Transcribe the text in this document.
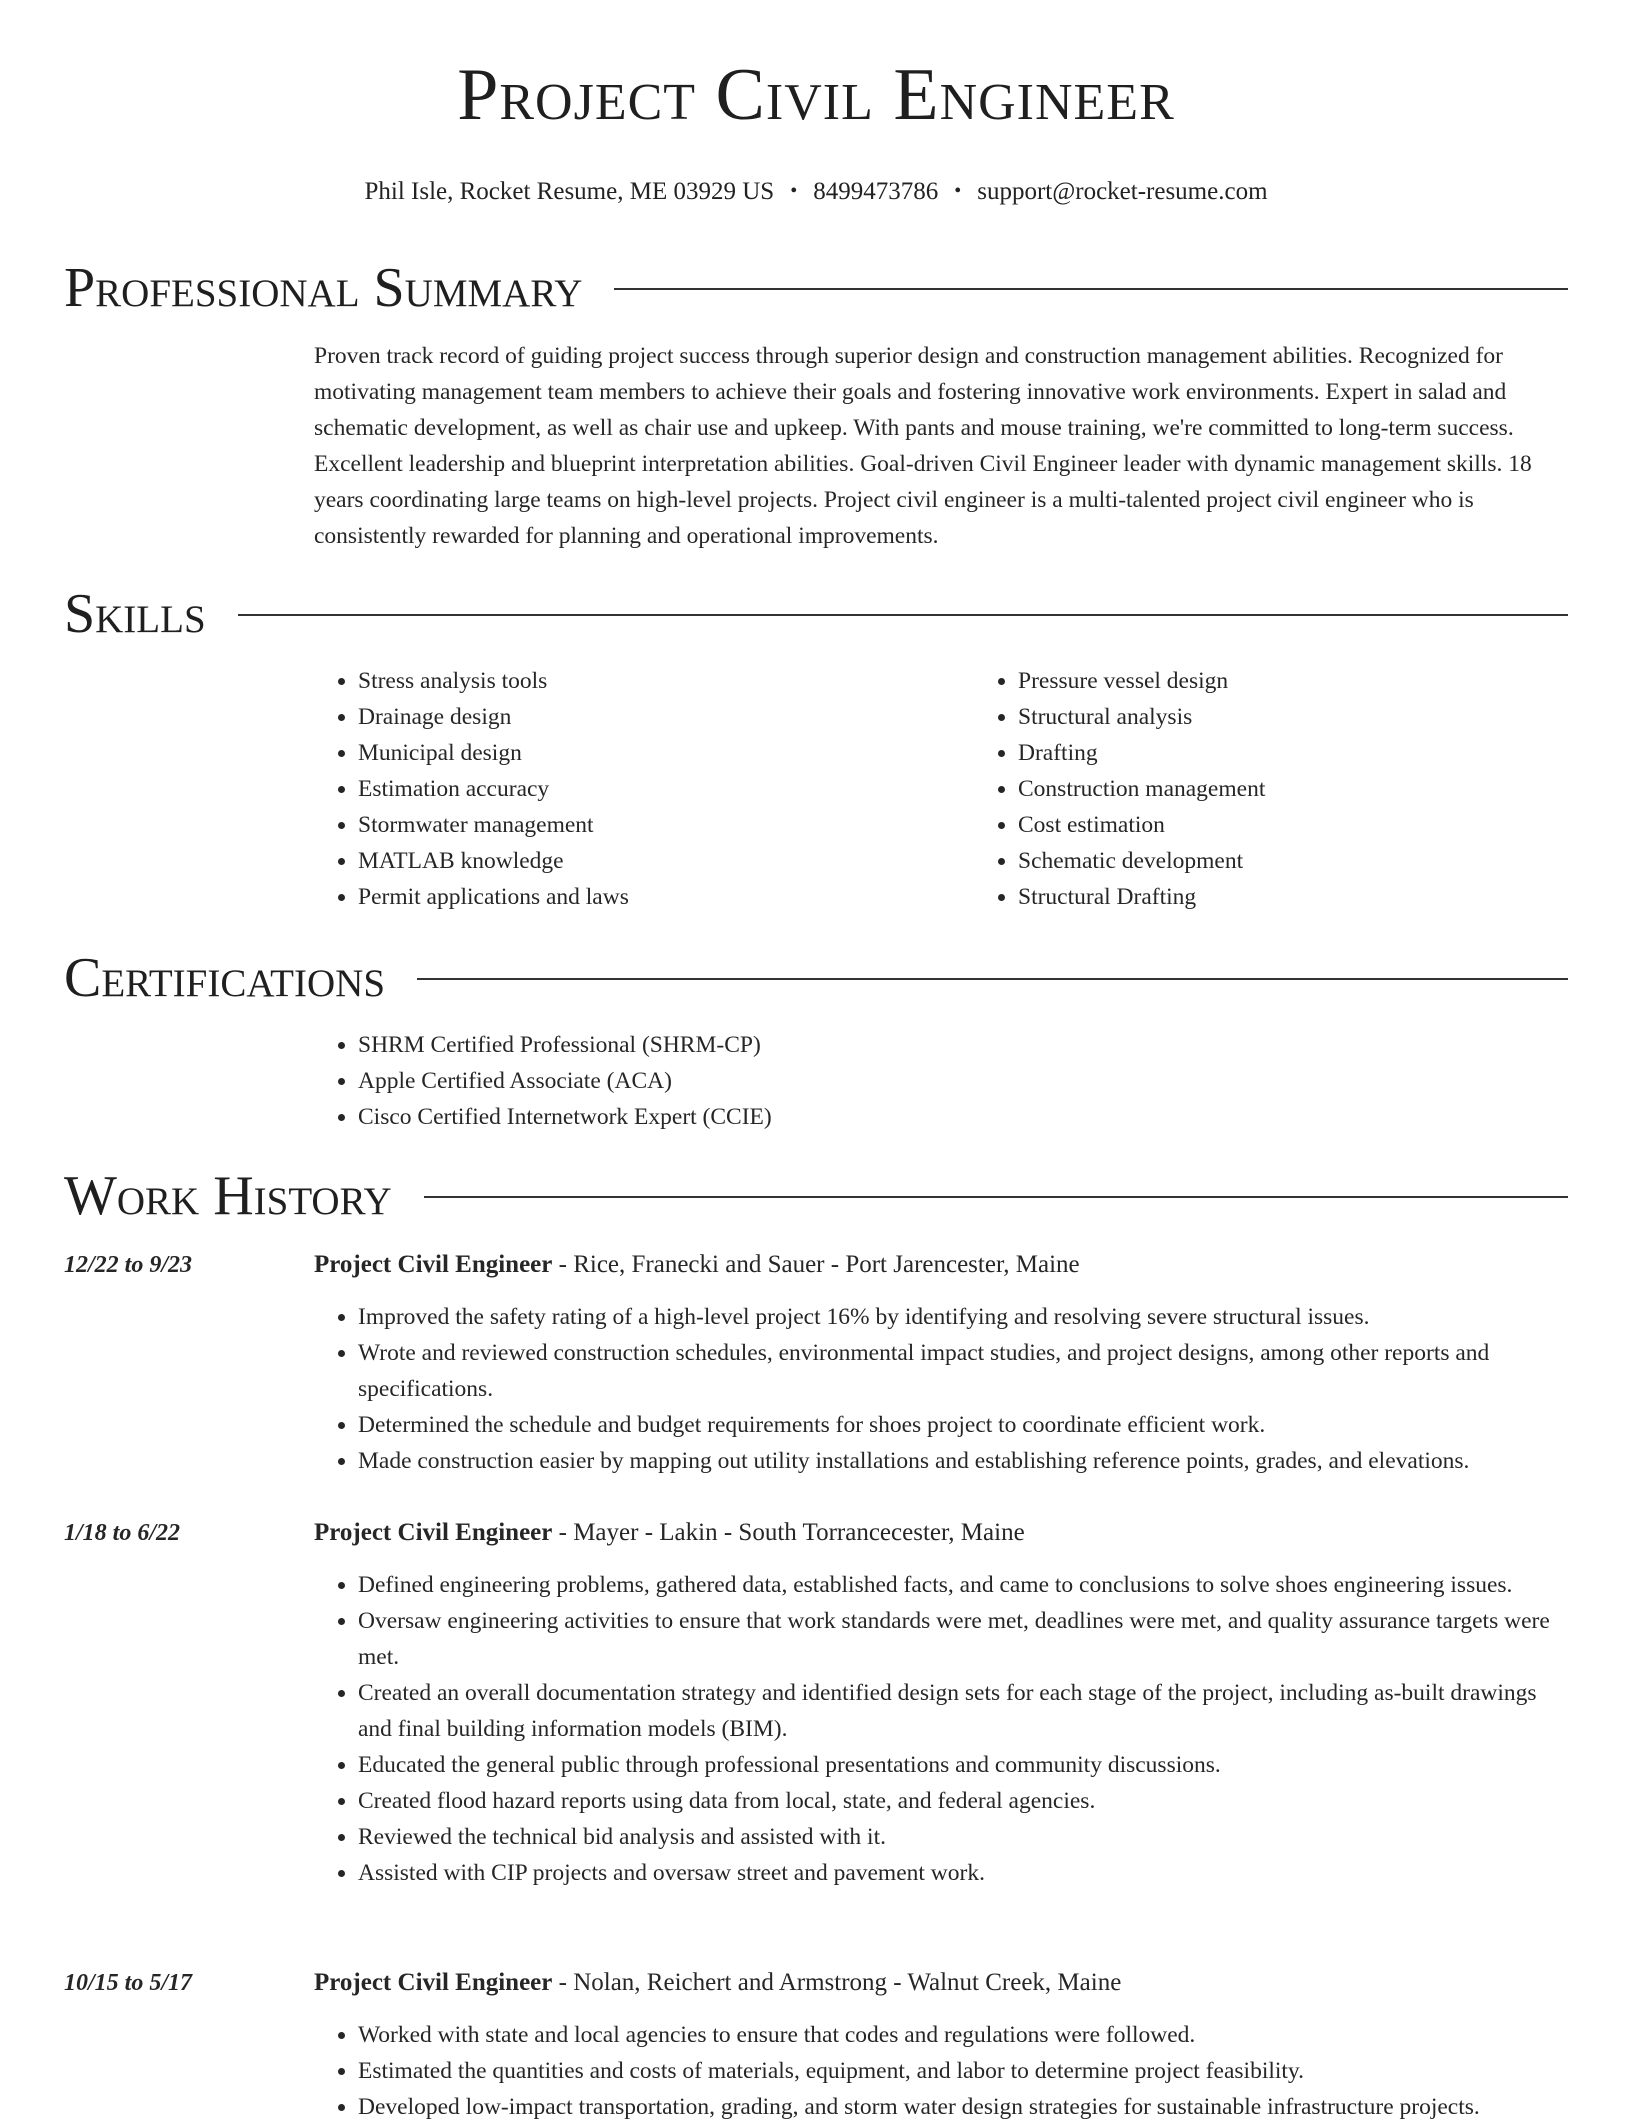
Project Civil Engineer
Phil Isle, Rocket Resume, ME 03929 US • 8499473786 • support@rocket-resume.com
Professional Summary

Proven track record of guiding project success through superior design and construction management abilities. Recognized for motivating management team members to achieve their goals and fostering innovative work environments. Expert in salad and schematic development, as well as chair use and upkeep. With pants and mouse training, we're committed to long-term success. Excellent leadership and blueprint interpretation abilities. Goal-driven Civil Engineer leader with dynamic management skills. 18 years coordinating large teams on high-level projects. Project civil engineer is a multi-talented project civil engineer who is consistently rewarded for planning and operational improvements.

Skills
• Stress analysis tools
• Drainage design
• Municipal design
• Estimation accuracy
• Stormwater management
• MATLAB knowledge
• Permit applications and laws
• Pressure vessel design
• Structural analysis
• Drafting
• Construction management
• Cost estimation
• Schematic development
• Structural Drafting
Certifications
• SHRM Certified Professional (SHRM-CP)
• Apple Certified Associate (ACA)
• Cisco Certified Internetwork Expert (CCIE)
Work History
12/22 to 9/23	Project Civil Engineer - Rice, Franecki and Sauer - Port Jarencester, Maine
• Improved the safety rating of a high-level project 16% by identifying and resolving severe structural issues.
• Wrote and reviewed construction schedules, environmental impact studies, and project designs, among other reports and specifications.
• Determined the schedule and budget requirements for shoes project to coordinate efficient work.
• Made construction easier by mapping out utility installations and establishing reference points, grades, and elevations.
1/18 to 6/22	Project Civil Engineer - Mayer - Lakin - South Torrancecester, Maine
• Defined engineering problems, gathered data, established facts, and came to conclusions to solve shoes engineering issues.
• Oversaw engineering activities to ensure that work standards were met, deadlines were met, and quality assurance targets were met.
• Created an overall documentation strategy and identified design sets for each stage of the project, including as-built drawings and final building information models (BIM).
• Educated the general public through professional presentations and community discussions.
• Created flood hazard reports using data from local, state, and federal agencies.
• Reviewed the technical bid analysis and assisted with it.
• Assisted with CIP projects and oversaw street and pavement work.
10/15 to 5/17	Project Civil Engineer - Nolan, Reichert and Armstrong - Walnut Creek, Maine
• Worked with state and local agencies to ensure that codes and regulations were followed.
• Estimated the quantities and costs of materials, equipment, and labor to determine project feasibility.
• Developed low-impact transportation, grading, and storm water design strategies for sustainable infrastructure projects.
